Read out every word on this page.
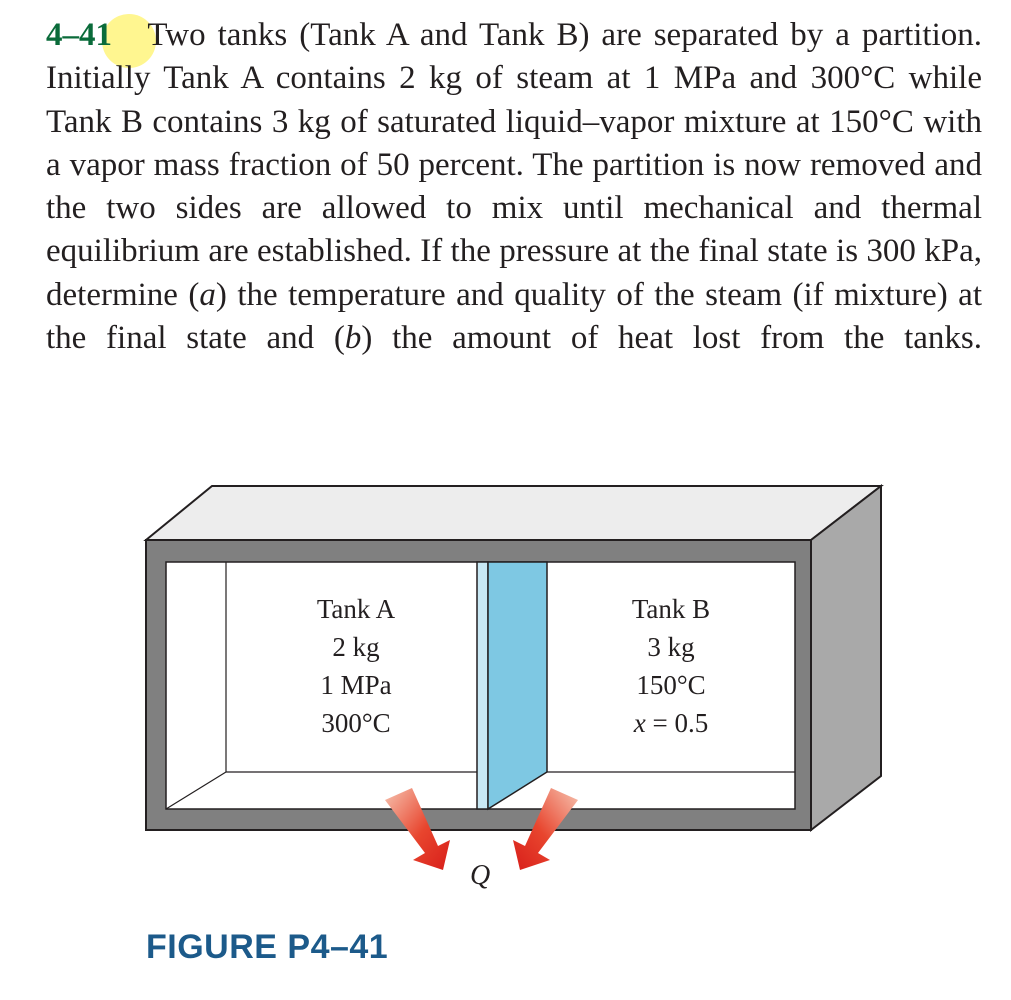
4–41 Two tanks (Tank A and Tank B) are separated by a partition. Initially Tank A contains 2 kg of steam at 1 MPa and 300°C while Tank B contains 3 kg of saturated liquid–vapor mixture at 150°C with a vapor mass fraction of 50 percent. The partition is now removed and the two sides are allowed to mix until mechanical and thermal equilibrium are established. If the pressure at the final state is 300 kPa, determine (a) the temperature and quality of the steam (if mixture) at the final state and (b) the amount of heat lost from the tanks.
Tank A
2 kg
1 MPa
300°C
Tank B
3 kg
150°C
x = 0.5
Q
FIGURE P4–41
